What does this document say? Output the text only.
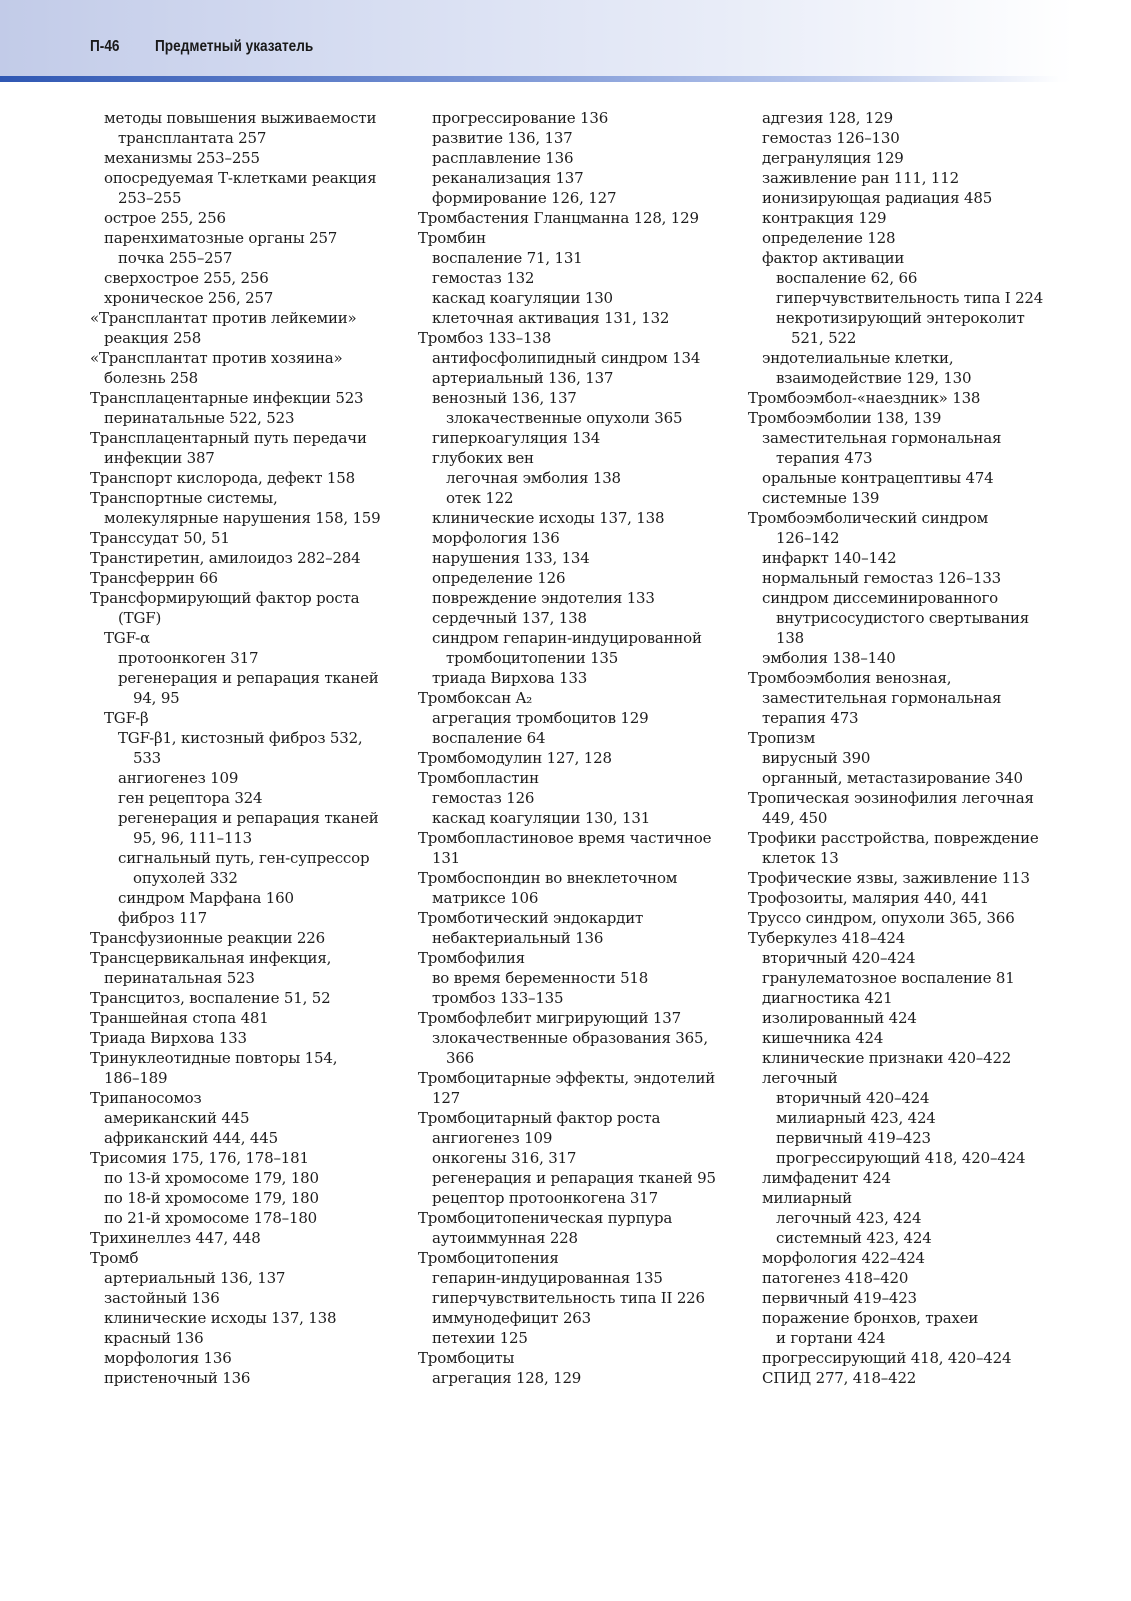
П-46 Предметный указатель
методы повышения выживаемости
трансплантата 257
механизмы 253–255
опосредуемая Т-клетками реакция
253–255
острое 255, 256
паренхиматозные органы 257
почка 255–257
сверхострое 255, 256
хроническое 256, 257
«Трансплантат против лейкемии»
реакция 258
«Трансплантат против хозяина»
болезнь 258
Трансплацентарные инфекции 523
перинатальные 522, 523
Трансплацентарный путь передачи
инфекции 387
Транспорт кислорода, дефект 158
Транспортные системы,
молекулярные нарушения 158, 159
Транссудат 50, 51
Транстиретин, амилоидоз 282–284
Трансферрин 66
Трансформирующий фактор роста
(TGF)
TGF-α
протоонкоген 317
регенерация и репарация тканей
94, 95
TGF-β
TGF-β1, кистозный фиброз 532,
533
ангиогенез 109
ген рецептора 324
регенерация и репарация тканей
95, 96, 111–113
сигнальный путь, ген-супрессор
опухолей 332
синдром Марфана 160
фиброз 117
Трансфузионные реакции 226
Трансцервикальная инфекция,
перинатальная 523
Трансцитоз, воспаление 51, 52
Траншейная стопа 481
Триада Вирхова 133
Тринуклеотидные повторы 154,
186–189
Трипаносомоз
американский 445
африканский 444, 445
Трисомия 175, 176, 178–181
по 13-й хромосоме 179, 180
по 18-й хромосоме 179, 180
по 21-й хромосоме 178–180
Трихинеллез 447, 448
Тромб
артериальный 136, 137
застойный 136
клинические исходы 137, 138
красный 136
морфология 136
пристеночный 136
прогрессирование 136
развитие 136, 137
расплавление 136
реканализация 137
формирование 126, 127
Тромбастения Гланцманна 128, 129
Тромбин
воспаление 71, 131
гемостаз 132
каскад коагуляции 130
клеточная активация 131, 132
Тромбоз 133–138
антифосфолипидный синдром 134
артериальный 136, 137
венозный 136, 137
злокачественные опухоли 365
гиперкоагуляция 134
глубоких вен
легочная эмболия 138
отек 122
клинические исходы 137, 138
морфология 136
нарушения 133, 134
определение 126
повреждение эндотелия 133
сердечный 137, 138
синдром гепарин-индуцированной
тромбоцитопении 135
триада Вирхова 133
Тромбоксан A₂
агрегация тромбоцитов 129
воспаление 64
Тромбомодулин 127, 128
Тромбопластин
гемостаз 126
каскад коагуляции 130, 131
Тромбопластиновое время частичное
131
Тромбоспондин во внеклеточном
матриксе 106
Тромботический эндокардит
небактериальный 136
Тромбофилия
во время беременности 518
тромбоз 133–135
Тромбофлебит мигрирующий 137
злокачественные образования 365,
366
Тромбоцитарные эффекты, эндотелий
127
Тромбоцитарный фактор роста
ангиогенез 109
онкогены 316, 317
регенерация и репарация тканей 95
рецептор протоонкогена 317
Тромбоцитопеническая пурпура
аутоиммунная 228
Тромбоцитопения
гепарин-индуцированная 135
гиперчувствительность типа II 226
иммунодефицит 263
петехии 125
Тромбоциты
агрегация 128, 129
адгезия 128, 129
гемостаз 126–130
дегрануляция 129
заживление ран 111, 112
ионизирующая радиация 485
контракция 129
определение 128
фактор активации
воспаление 62, 66
гиперчувствительность типа I 224
некротизирующий энтероколит
521, 522
эндотелиальные клетки,
взаимодействие 129, 130
Тромбоэмбол-«наездник» 138
Тромбоэмболии 138, 139
заместительная гормональная
терапия 473
оральные контрацептивы 474
системные 139
Тромбоэмболический синдром
126–142
инфаркт 140–142
нормальный гемостаз 126–133
синдром диссеминированного
внутрисосудистого свертывания
138
эмболия 138–140
Тромбоэмболия венозная,
заместительная гормональная
терапия 473
Тропизм
вирусный 390
органный, метастазирование 340
Тропическая эозинофилия легочная
449, 450
Трофики расстройства, повреждение
клеток 13
Трофические язвы, заживление 113
Трофозоиты, малярия 440, 441
Труссо синдром, опухоли 365, 366
Туберкулез 418–424
вторичный 420–424
гранулематозное воспаление 81
диагностика 421
изолированный 424
кишечника 424
клинические признаки 420–422
легочный
вторичный 420–424
милиарный 423, 424
первичный 419–423
прогрессирующий 418, 420–424
лимфаденит 424
милиарный
легочный 423, 424
системный 423, 424
морфология 422–424
патогенез 418–420
первичный 419–423
поражение бронхов, трахеи
и гортани 424
прогрессирующий 418, 420–424
СПИД 277, 418–422
